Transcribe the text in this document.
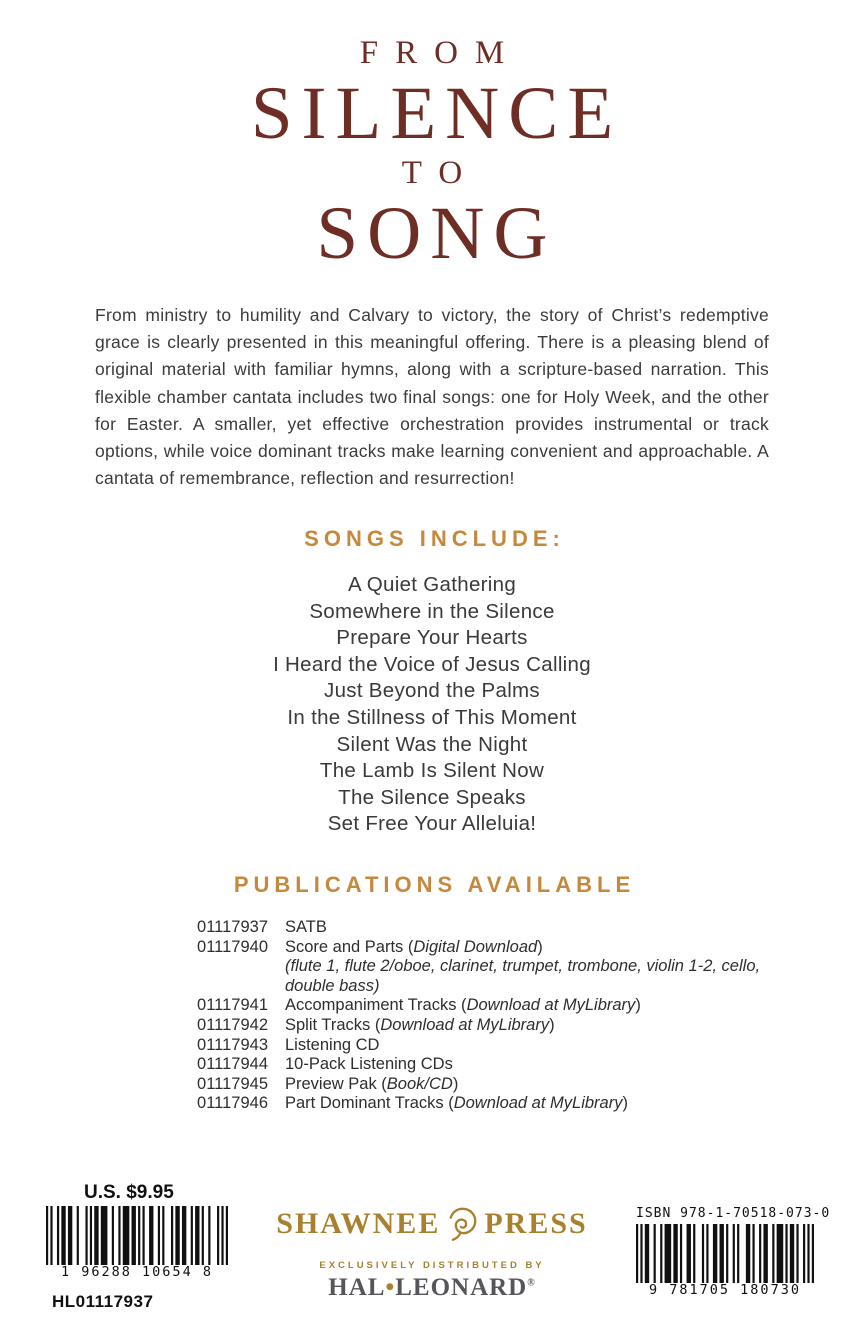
FROM
SILENCE
TO
SONG

From ministry to humility and Calvary to victory, the story of Christ’s redemptive grace is clearly presented in this meaningful offering. There is a pleasing blend of original material with familiar hymns, along with a scripture-based narration. This flexible chamber cantata includes two final songs: one for Holy Week, and the other for Easter. A smaller, yet effective orchestration provides instrumental or track options, while voice dominant tracks make learning convenient and approachable. A cantata of remembrance, reflection and resurrection!

SONGS INCLUDE:
A Quiet Gathering
Somewhere in the Silence
Prepare Your Hearts
I Heard the Voice of Jesus Calling
Just Beyond the Palms
In the Stillness of This Moment
Silent Was the Night
The Lamb Is Silent Now
The Silence Speaks
Set Free Your Alleluia!
PUBLICATIONS AVAILABLE
01117937 SATB
01117940 Score and Parts (Digital Download)
(flute 1, flute 2/oboe, clarinet, trumpet, trombone, violin 1-2, cello, double bass)
01117941 Accompaniment Tracks (Download at MyLibrary)
01117942 Split Tracks (Download at MyLibrary)
01117943 Listening CD
01117944 10-Pack Listening CDs
01117945 Preview Pak (Book/CD)
01117946 Part Dominant Tracks (Download at MyLibrary)
U.S. $9.95
1 96288 10654 8
HL01117937
SHAWNEE PRESS
EXCLUSIVELY DISTRIBUTED BY
HAL•LEONARD®
ISBN 978-1-70518-073-0
9 781705 180730
